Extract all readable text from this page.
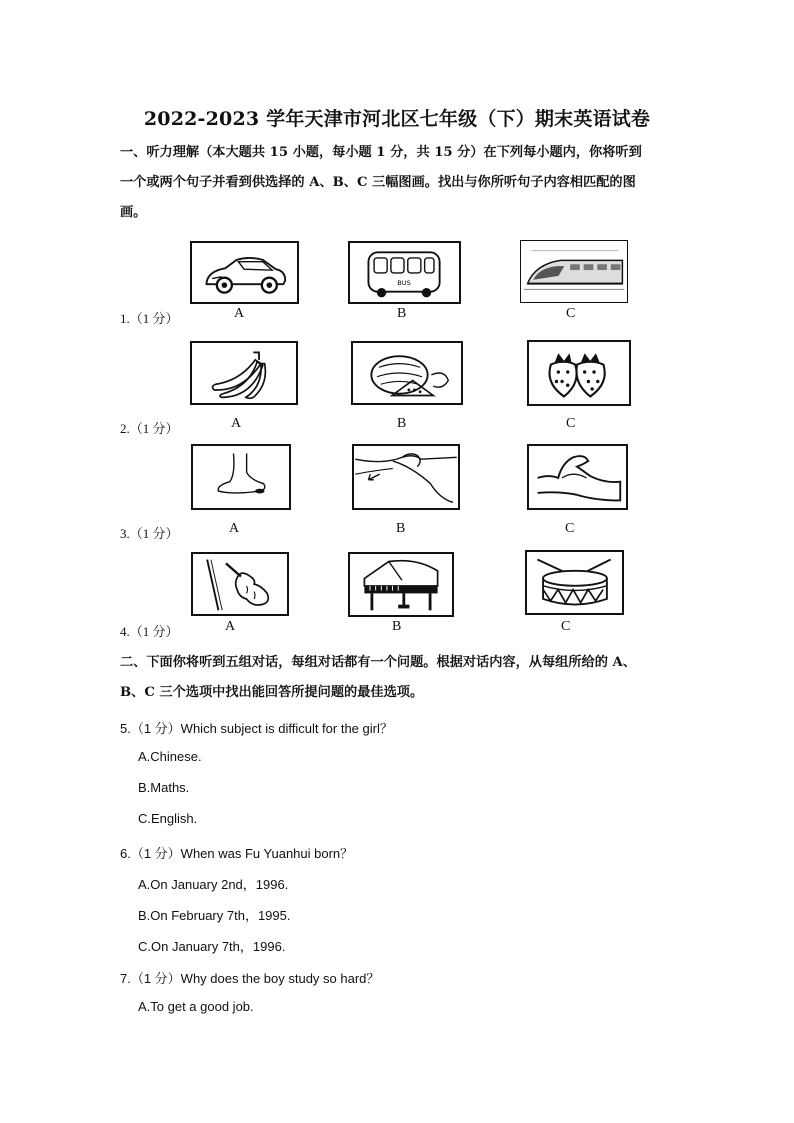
2022-2023 学年天津市河北区七年级（下）期末英语试卷
一、听力理解（本大题共 15 小题，每小题 1 分，共 15 分）在下列每小题内，你将听到
一个或两个句子并看到供选择的 A、B、C 三幅图画。找出与你所听句子内容相匹配的图
画。
BUS
1.（1 分）	A	B	C
2.（1 分）	A	B	C
3.（1 分）	A	B	C
4.（1 分）	A	B	C
二、下面你将听到五组对话，每组对话都有一个问题。根据对话内容，从每组所给的 A、
B、C 三个选项中找出能回答所提问题的最佳选项。
5.（1 分）Which subject is difficult for the girl？
A.Chinese.
B.Maths.
C.English.
6.（1 分）When was Fu Yuanhui born？
A.On January 2nd，1996.
B.On February 7th，1995.
C.On January 7th，1996.
7.（1 分）Why does the boy study so hard？
A.To get a good job.
